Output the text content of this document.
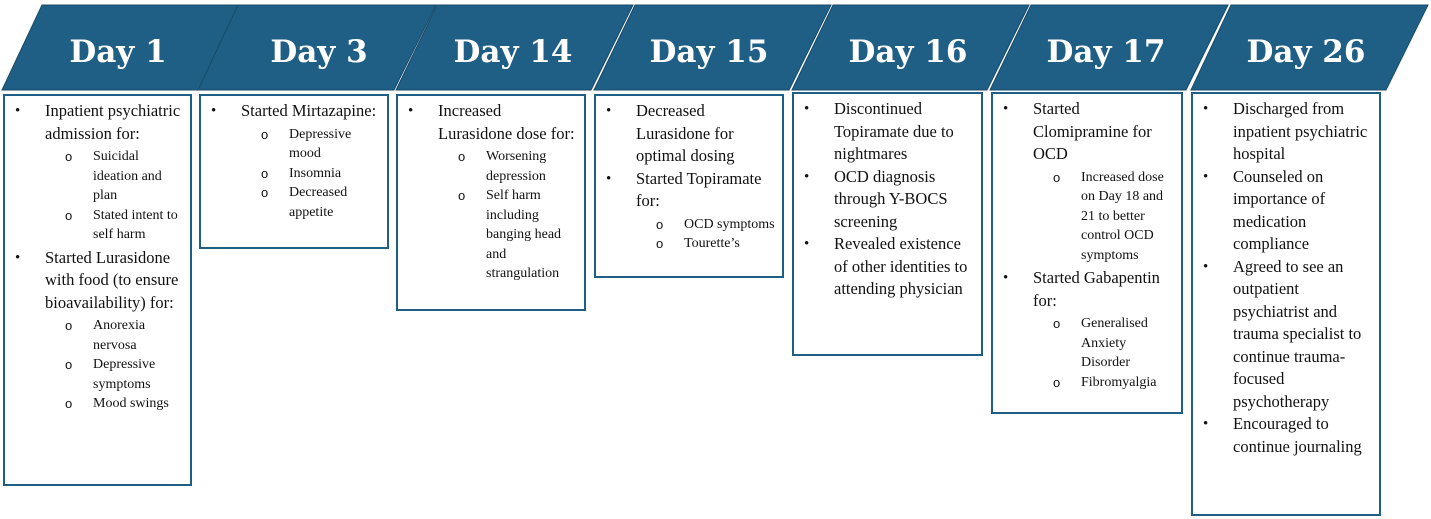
Day 1	Day 3	Day 14 Day 15	Day 16	Day 17	Day 26
• Inpatient psychiatric admission for:
o Suicidal ideation and plan
o Stated intent to self harm
• Started Lurasidone with food (to ensure bioavailability) for:
o Anorexia nervosa
o Depressive symptoms
o Mood swings
• Started Mirtazapine:
o Depressive mood
o Insomnia
o Decreased appetite
• Increased Lurasidone dose for:
o Worsening depression
o Self harm including banging head and strangulation
• Decreased Lurasidone for optimal dosing
• Started Topiramate for:
o OCD symptoms
o Tourette’s
• Discontinued Topiramate due to nightmares
• OCD diagnosis through Y-BOCS screening
• Revealed existence of other identities to attending physician
• Started Clomipramine for OCD
o Increased dose on Day 18 and 21 to better control OCD symptoms
• Started Gabapentin for:
o Generalised Anxiety Disorder
o Fibromyalgia
• Discharged from inpatient psychiatric hospital
• Counseled on importance of medication compliance
• Agreed to see an outpatient psychiatrist and trauma specialist to continue trauma-focused psychotherapy
• Encouraged to continue journaling
